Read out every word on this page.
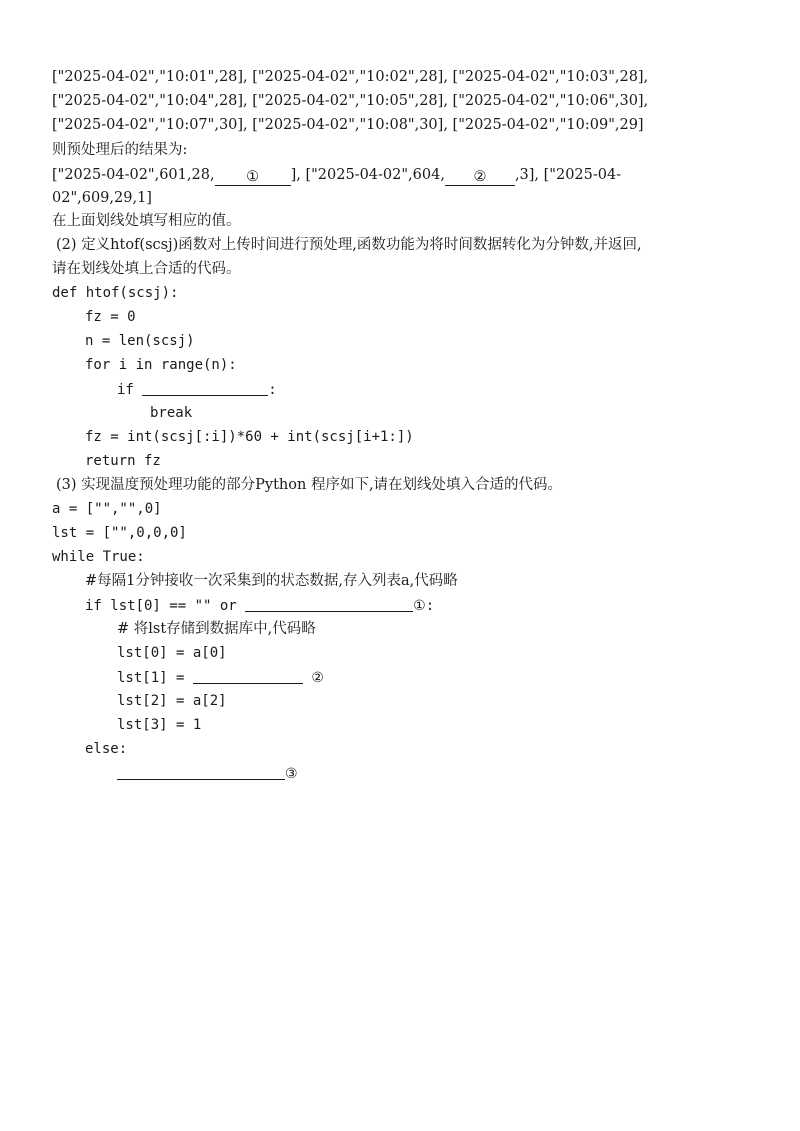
["2025-04-02","10:01",28], ["2025-04-02","10:02",28], ["2025-04-02","10:03",28],
["2025-04-02","10:04",28], ["2025-04-02","10:05",28], ["2025-04-02","10:06",30],
["2025-04-02","10:07",30], ["2025-04-02","10:08",30], ["2025-04-02","10:09",29]
则预处理后的结果为:
["2025-04-02",601,28, ① ], ["2025-04-02",604, ② ,3], ["2025-04-
02",609,29,1]
在上面划线处填写相应的值。
(2) 定义htof(scsj)函数对上传时间进行预处理,函数功能为将时间数据转化为分钟数,并返回,
请在划线处填上合适的代码。
def htof(scsj):
fz = 0
n = len(scsj)
for i in range(n):
if	:
break
fz = int(scsj[:i])*60 + int(scsj[i+1:])
return fz
(3) 实现温度预处理功能的部分Python 程序如下,请在划线处填入合适的代码。
a = ["","",0]
lst = ["",0,0,0]
while True:
#每隔1分钟接收一次采集到的状态数据,存入列表a,代码略
if lst[0] == "" or	①:
# 将lst存储到数据库中,代码略
lst[0] = a[0]
lst[1] =	②
lst[2] = a[2]
lst[3] = 1
else:
③
